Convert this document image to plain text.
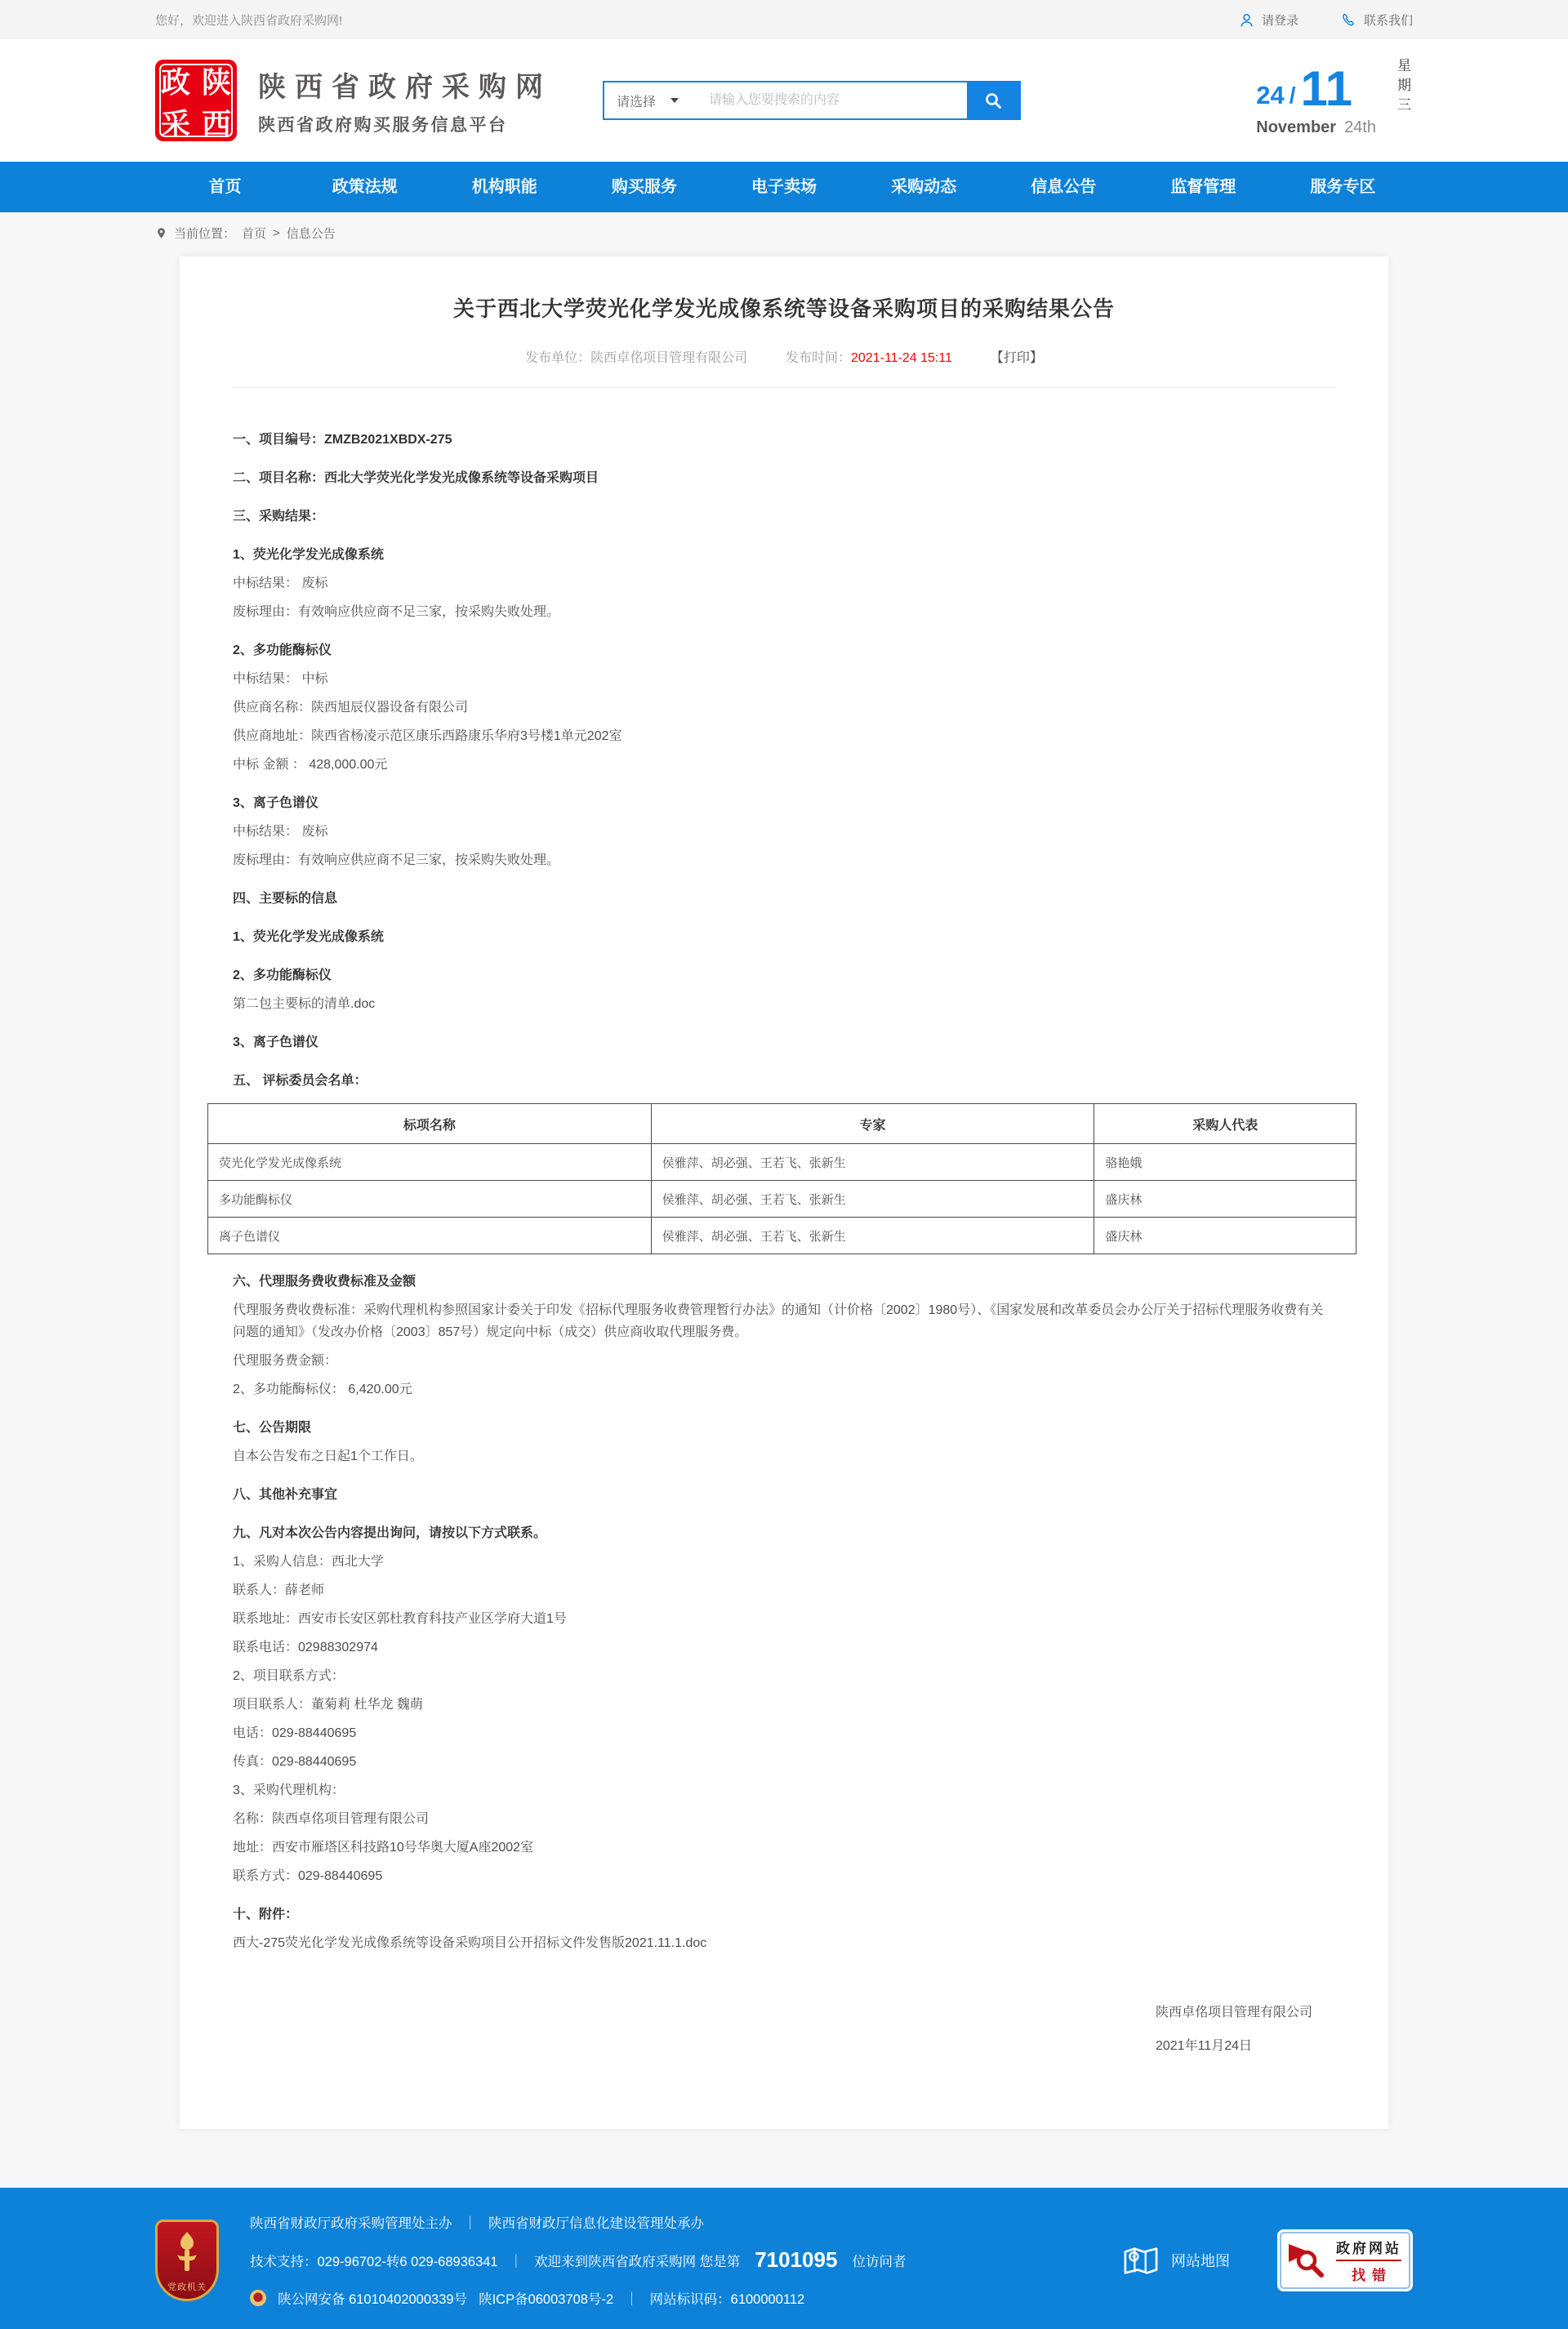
您好，欢迎进入陕西省政府采购网!	请登录	联系我们
政 陕
采 西
陕西省政府采购网
陕西省政府购买服务信息平台
请选择
请输入您要搜索的内容	24 / 11
November 24th
星期三
首页	政策法规	机构职能	购买服务	电子卖场	采购动态	信息公告	监督管理	服务专区
当前位置： 首页 > 信息公告
关于西北大学荧光化学发光成像系统等设备采购项目的采购结果公告
发布单位：陕西卓佲项目管理有限公司	发布时间：2021-11-24 15:11	【打印】

一、项目编号：ZMZB2021XBDX-275

二、项目名称：西北大学荧光化学发光成像系统等设备采购项目

三、采购结果：

1、荧光化学发光成像系统

中标结果： 废标

废标理由：有效响应供应商不足三家，按采购失败处理。

2、多功能酶标仪

中标结果： 中标

供应商名称：陕西旭辰仪器设备有限公司

供应商地址：陕西省杨凌示范区康乐西路康乐华府3号楼1单元202室

中标 金额 ： 428,000.00元

3、离子色谱仪

中标结果： 废标

废标理由：有效响应供应商不足三家，按采购失败处理。

四、主要标的信息

1、荧光化学发光成像系统

2、多功能酶标仪

第二包主要标的清单.doc

3、离子色谱仪

五、 评标委员会名单：

标项名称	专家	采购人代表
荧光化学发光成像系统	侯雅萍、胡必强、王若飞、张新生	骆艳娥
多功能酶标仪	侯雅萍、胡必强、王若飞、张新生	盛庆林
离子色谱仪	侯雅萍、胡必强、王若飞、张新生	盛庆林

六、代理服务费收费标准及金额

代理服务费收费标准：采购代理机构参照国家计委关于印发《招标代理服务收费管理暂行办法》的通知（计价格〔2002〕1980号）、《国家发展和改革委员会办公厅关于招标代理服务收费有关问题的通知》（发改办价格〔2003〕857号）规定向中标（成交）供应商收取代理服务费。

代理服务费金额：

2、多功能酶标仪： 6,420.00元

七、公告期限

自本公告发布之日起1个工作日。

八、其他补充事宜

九、凡对本次公告内容提出询问，请按以下方式联系。

1、采购人信息：西北大学

联系人：薛老师

联系地址：西安市长安区郭杜教育科技产业区学府大道1号

联系电话：02988302974

2、项目联系方式：

项目联系人：董菊莉 杜华龙 魏萌

电话：029-88440695

传真：029-88440695

3、采购代理机构：

名称：陕西卓佲项目管理有限公司

地址：西安市雁塔区科技路10号华奥大厦A座2002室

联系方式：029-88440695

十、附件：

西大-275荧光化学发光成像系统等设备采购项目公开招标文件发售版2021.11.1.doc

陕西卓佲项目管理有限公司

2021年11月24日

党政机关
陕西省财政厅政府采购管理处主办 ｜ 陕西省财政厅信息化建设管理处承办
技术支持：029-96702-转6 029-68936341 ｜ 欢迎来到陕西省政府采购网 您是第 7101095 位访问者
陕公网安备 61010402000339号 陕ICP备06003708号-2 ｜ 网站标识码：6100000112
网站地图
政府网站
找错
